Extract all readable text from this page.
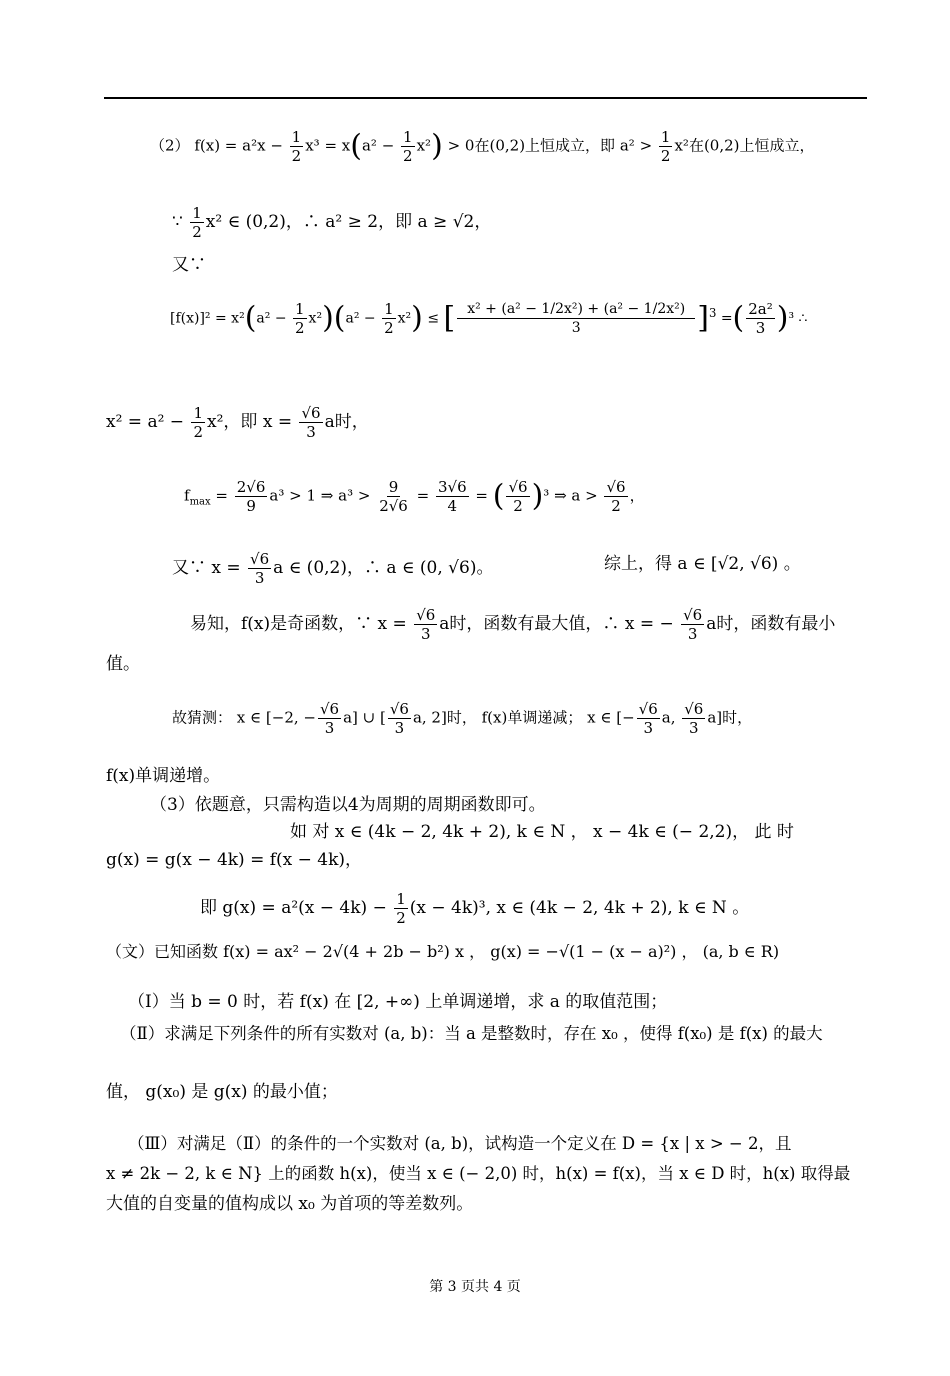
（2） $f(x) = a^2x - \frac{1}{2} x^3 = x(a^2 - \frac{1}{2} x^2) > 0$在(0,2)上恒成立，即 $a^2 > \frac{1}{2} x^2$在(0,2)上恒成立，
∵ $\frac{1}{2} x^2$ ∈ (0,2)，∴ a² ≥ 2，即 a ≥ √2，
又∵
$[f(x)]^2 = x^2(a^2 - \frac{1}{2} x^2)(a^2 - \frac{1}{2} x^2)$ ≤ [ $\frac{\text{x² + (a² − 1/2x²) + (a² − 1/2x²)}}{3} ]^3$ =( $\frac{\text{2a²}}{3} )^3$ ∴
$x^2 = a^2 - \frac{1}{2} x^2$，即 $x = \frac{√6}{3}$ a时，
$f_{max} = \frac{2√6}{9} a^3 > 1$ ⇒ $a^3 > \frac{9}{2√6} = \frac{3√6}{4}$ = ( $\frac{√6}{2} )^3$ ⇒ $a > \frac{√6}{2}$ ，
又∵ $x = \frac{√6}{3}$ a ∈ (0,2)，∴ a ∈ (0, √6)。	综上，得 a ∈ [√2, √6) 。
易知，f(x)是奇函数，∵ $x = \frac{√6}{3}$ a时，函数有最大值，∴ x = − $\frac{√6}{3}$ a时，函数有最小
值。
故猜测： x ∈ [−2, − $\frac{√6}{3} a$] ∪ [ $\frac{√6}{3} a$, 2]时， f(x)单调递减； x ∈ [− $\frac{√6}{3} a$, $\frac{√6}{3} a$]时，
f(x)单调递增。
（3）依题意，只需构造以4为周期的周期函数即可。
如 对 x ∈ (4k − 2, 4k + 2), k ∈ N ， x − 4k ∈ (− 2,2)， 此 时
g(x) = g(x − 4k) = f(x − 4k)，
即 $g(x) = a^2(x - 4k) - \frac{1}{2} (x - 4k)^3$, x ∈ (4k − 2, 4k + 2), k ∈ N 。
（文）已知函数 f(x) = ax² − 2√(4 + 2b − b²) x ， g(x) = −√(1 − (x − a)²) ， (a, b ∈ R)
（Ⅰ）当 b = 0 时，若 f(x) 在 [2, +∞) 上单调递增，求 a 的取值范围；
（Ⅱ）求满足下列条件的所有实数对 (a, b)：当 a 是整数时，存在 x₀ ，使得 f(x₀) 是 f(x) 的最大
值， g(x₀) 是 g(x) 的最小值；
（Ⅲ）对满足（Ⅱ）的条件的一个实数对 (a, b)，试构造一个定义在 D = {x | x > − 2，且
x ≠ 2k − 2, k ∈ N} 上的函数 h(x)，使当 x ∈ (− 2,0) 时，h(x) = f(x)，当 x ∈ D 时，h(x) 取得最
大值的自变量的值构成以 x₀ 为首项的等差数列。
第 3 页共 4 页
